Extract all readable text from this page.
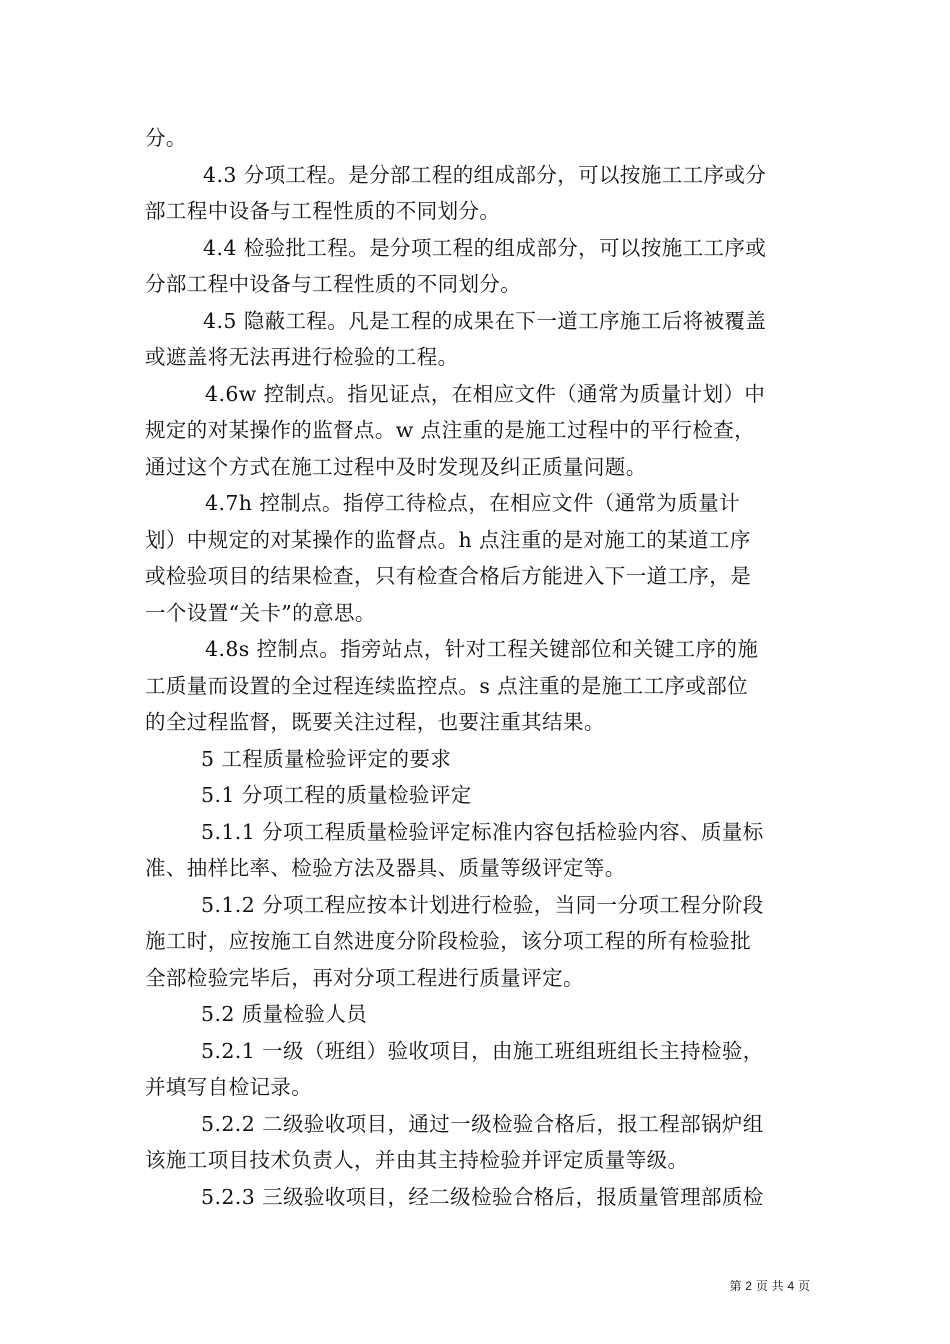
分。
4.3 分项工程。是分部工程的组成部分，可以按施工工序或分
部工程中设备与工程性质的不同划分。
4.4 检验批工程。是分项工程的组成部分，可以按施工工序或
分部工程中设备与工程性质的不同划分。
4.5 隐蔽工程。凡是工程的成果在下一道工序施工后将被覆盖
或遮盖将无法再进行检验的工程。
4.6w 控制点。指见证点，在相应文件（通常为质量计划）中
规定的对某操作的监督点。w 点注重的是施工过程中的平行检查，
通过这个方式在施工过程中及时发现及纠正质量问题。
4.7h 控制点。指停工待检点，在相应文件（通常为质量计
划）中规定的对某操作的监督点。h 点注重的是对施工的某道工序
或检验项目的结果检查，只有检查合格后方能进入下一道工序，是
一个设置“关卡”的意思。
4.8s 控制点。指旁站点，针对工程关键部位和关键工序的施
工质量而设置的全过程连续监控点。s 点注重的是施工工序或部位
的全过程监督，既要关注过程，也要注重其结果。
5 工程质量检验评定的要求
5.1 分项工程的质量检验评定
5.1.1 分项工程质量检验评定标准内容包括检验内容、质量标
准、抽样比率、检验方法及器具、质量等级评定等。
5.1.2 分项工程应按本计划进行检验，当同一分项工程分阶段
施工时，应按施工自然进度分阶段检验，该分项工程的所有检验批
全部检验完毕后，再对分项工程进行质量评定。
5.2 质量检验人员
5.2.1 一级（班组）验收项目，由施工班组班组长主持检验，
并填写自检记录。
5.2.2 二级验收项目，通过一级检验合格后，报工程部锅炉组
该施工项目技术负责人，并由其主持检验并评定质量等级。
5.2.3 三级验收项目，经二级检验合格后，报质量管理部质检
第 2 页 共 4 页
